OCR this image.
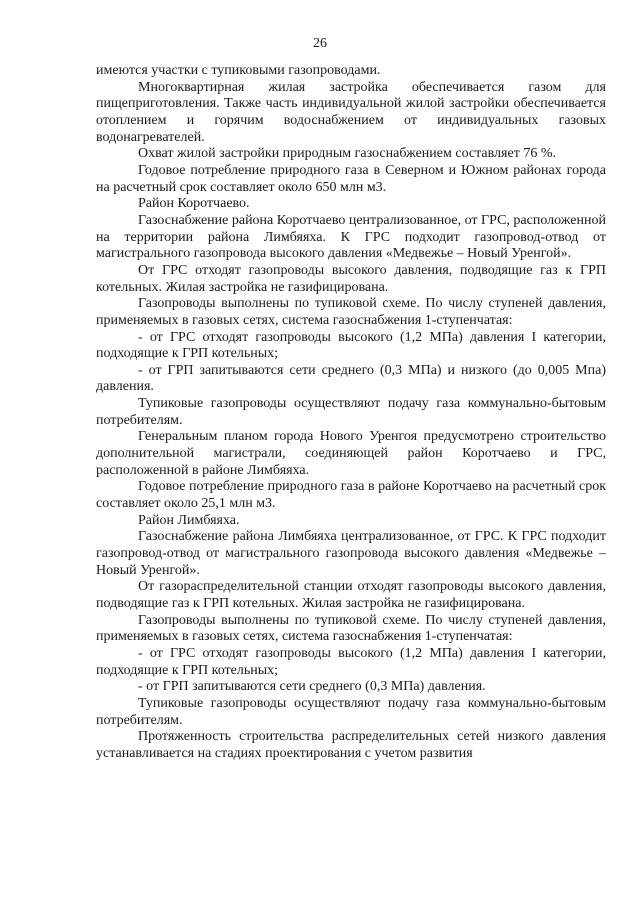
26

имеются участки с тупиковыми газопроводами.

Многоквартирная жилая застройка обеспечивается газом для пищеприготовления. Также часть индивидуальной жилой застройки обеспечивается отоплением и горячим водоснабжением от индивидуальных газовых водонагревателей.

Охват жилой застройки природным газоснабжением составляет 76 %.

Годовое потребление природного газа в Северном и Южном районах города на расчетный срок составляет около 650 млн м3.

Район Коротчаево.

Газоснабжение района Коротчаево централизованное, от ГРС, расположенной на территории района Лимбяяха. К ГРС подходит газопровод-отвод от магистрального газопровода высокого давления «Медвежье – Новый Уренгой».

От ГРС отходят газопроводы высокого давления, подводящие газ к ГРП котельных. Жилая застройка не газифицирована.

Газопроводы выполнены по тупиковой схеме. По числу ступеней давления, применяемых в газовых сетях, система газоснабжения 1-ступенчатая:

- от ГРС отходят газопроводы высокого (1,2 МПа) давления I категории, подходящие к ГРП котельных;

- от ГРП запитываются сети среднего (0,3 МПа) и низкого (до 0,005 Мпа) давления.

Тупиковые газопроводы осуществляют подачу газа коммунально-бытовым потребителям.

Генеральным планом города Нового Уренгоя предусмотрено строительство дополнительной магистрали, соединяющей район Коротчаево и ГРС, расположенной в районе Лимбяяха.

Годовое потребление природного газа в районе Коротчаево на расчетный срок составляет около 25,1 млн м3.

Район Лимбяяха.

Газоснабжение района Лимбяяха централизованное, от ГРС. К ГРС подходит газопровод-отвод от магистрального газопровода высокого давления «Медвежье – Новый Уренгой».

От газораспределительной станции отходят газопроводы высокого давления, подводящие газ к ГРП котельных. Жилая застройка не газифицирована.

Газопроводы выполнены по тупиковой схеме. По числу ступеней давления, применяемых в газовых сетях, система газоснабжения 1-ступенчатая:

- от ГРС отходят газопроводы высокого (1,2 МПа) давления I категории, подходящие к ГРП котельных;

- от ГРП запитываются сети среднего (0,3 МПа) давления.

Тупиковые газопроводы осуществляют подачу газа коммунально-бытовым потребителям.

Протяженность строительства распределительных сетей низкого давления устанавливается на стадиях проектирования с учетом развития
